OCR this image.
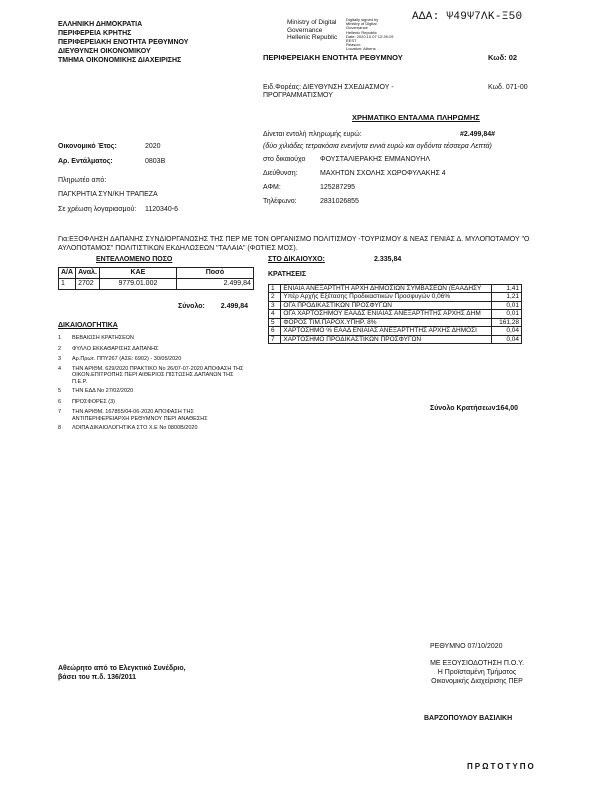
ΑΔΑ: Ψ49Ψ7ΛΚ-Ξ50
ΕΛΛΗΝΙΚΗ ΔΗΜΟΚΡΑΤΙΑ
ΠΕΡΙΦΕΡΕΙΑ ΚΡΗΤΗΣ
ΠΕΡΙΦΕΡΕΙΑΚΗ ΕΝΟΤΗΤΑ ΡΕΘΥΜΝΟΥ
ΔΙΕΥΘΥΝΣΗ ΟΙΚΟΝΟΜΙΚΟΥ
ΤΜΗΜΑ ΟΙΚΟΝΟΜΙΚΗΣ ΔΙΑΧΕΙΡΙΣΗΣ
Ministry of Digital
Governance
Hellenic Republic
Digitally signed by
Ministry of Digital
Governance
Hellenic Republic
Date: 2020.10.07 12:39:19
EEST
Reason:
Location: Athens
ΠΕΡΙΦΕΡΕΙΑΚΗ ΕΝΟΤΗΤΑ ΡΕΘΥΜΝΟΥ	Κωδ: 02
Ειδ.Φορέας: ΔΙΕΥΘΥΝΣΗ ΣΧΕΔΙΑΣΜΟΥ - ΠΡΟΓΡΑΜΜΑΤΙΣΜΟΥ
Κωδ. 071-00
ΧΡΗΜΑΤΙΚΟ ΕΝΤΑΛΜΑ ΠΛΗΡΩΜΗΣ
Δίνεται εντολή πληρωμής ευρώ:	#2.499,84#
(δύο χιλιάδες τετρακόσια ενενήντα εννιά ευρώ και ογδόντα τέσσερα Λεπτά)
Οικονομικό Έτος:	2020
Αρ. Εντάλματος:	0803Β	στο δικαιούχο ΦΟΥΣΤΑΛΙΕΡΑΚΗΣ ΕΜΜΑΝΟΥΗΛ
Διεύθυνση:	ΜΑΧΗΤΩΝ ΣΧΟΛΗΣ ΧΩΡΟΦΥΛΑΚΗΣ 4
ΑΦΜ:	125287295
Τηλέφωνο:	2831026855
Πληρωτέο από:
ΠΑΓΚΡΗΤΙΑ ΣΥΝ/ΚΗ ΤΡΑΠΕΖΑ
Σε χρέωση λογαριασμού: 1120340-6
Για:ΕΞΟΦΛΗΣΗ ΔΑΠΑΝΗΣ ΣΥΝΔΙΟΡΓΑΝΩΣΗΣ ΤΗΣ ΠΕΡ ΜΕ ΤΟΝ ΟΡΓΑΝΙΣΜΟ ΠΟΛΙΤΙΣΜΟΥ -ΤΟΥΡΙΣΜΟΥ & ΝΕΑΣ ΓΕΝΙΑΣ Δ. ΜΥΛΟΠΟΤΑΜΟΥ "Ο ΑΥΛΟΠΟΤΑΜΟΣ" ΠΟΛΙΤΙΣΤΙΚΩΝ ΕΚΔΗΛΩΣΕΩΝ "ΤΑΛΑΙΑ" (ΦΩΤΙΕΣ ΜΟΣ).
ΕΝΤΕΛΛΟΜΕΝΟ ΠΟΣΟ
Α/Α	Αναλ.	ΚΑΕ	Ποσό
1	2702	9779.01.002	2.499,84
Σύνολο:	2.499,84
ΔΙΚΑΙΟΛΟΓΗΤΙΚΑ
1	ΒΕΒΑΙΩΣΗ ΚΡΑΤΗΣΕΩΝ
2	ΦΥΛΛΟ ΕΚΚΑΘΑΡΙΣΗΣ ΔΑΠΑΝΗΣ
3	Αρ.Πρωτ. ΠΠΥ267 (ΑΣΕ: 6902) - 30/05/2020
4	ΤΗΝ ΑΡΙΘΜ. 629/2020 ΠΡΑΚΤΙΚΟ Νο 26/07-07-2020 ΑΠΟΦΑΣΗ ΤΗΣ ΟΙΚΟΝ.ΕΠΙΤΡΟΠΗΣ ΠΕΡΙ ΑΙΘΕΡΙΟΣ ΠΙΣΤΩΣΗΣ ΔΑΠΑΝΩΝ ΤΗΣ Π.Ε.Ρ.
5	ΤΗΝ ΕΔΔ Νο 27/02/2020
6	ΠΡΟΣΦΟΡΕΣ (3)
7	ΤΗΝ ΑΡΙΘΜ. 167855/04-06-2020 ΑΠΟΦΑΣΗ ΤΗΣ ΑΝΤΙΠΕΡΙΦΕΡΕΙΑΡΧΗ ΡΕΘΥΜΝΟΥ ΠΕΡΙ ΑΝΑΘΕΣΗΣ
8	ΛΟΙΠΑ ΔΙΚΑΙΟΛΟΓΗΤΙΚΑ ΣΤΟ Χ.Ε Νο 0800Β/2020
ΣΤΟ ΔΙΚΑΙΟΥΧΟ:	2.335,84
ΚΡΑΤΗΣΕΙΣ
1	ΕΝΙΑΙΑ ΑΝΕΞΑΡΤΗΤΗ ΑΡΧΗ ΔΗΜΟΣΙΩΝ ΣΥΜΒΑΣΕΩΝ (ΕΑΑΔΗΣΥ	1,41
2	Υπέρ Αρχής Εξέτασης Προδικαστικών Προσφυγών 0,06%	1,21
3	ΟΓΑ ΠΡΟΔΙΚΑΣΤΙΚΩΝ ΠΡΟΣΦΥΓΩΝ	0,01
4	ΟΓΑ ΧΑΡΤΟΣΗΜΟΥ ΕΑΑΔΣ ΕΝΙΑΙΑΣ ΑΝΕΞΑΡΤΗΤΗΣ ΑΡΧΗΣ ΔΗΜ	0,01
5	ΦΟΡΟΣ ΤΙΜ.ΠΑΡΟΧ.ΥΠΗΡ. 8%	161,28
6	ΧΑΡΤΟΣΗΜΟ % ΕΑΑΔ ΕΝΙΑΙΑΣ ΑΝΕΞΑΡΤΗΤΗΣ ΑΡΧΗΣ ΔΗΜΟΣΙ	0,04
7	ΧΑΡΤΟΣΗΜΟ ΠΡΟΔΙΚΑΣΤΙΚΩΝ ΠΡΟΣΦΥΓΩΝ	0,04
Σύνολο Κρατήσεων:
164,00
ΡΕΘΥΜΝΟ 07/10/2020
ΜΕ ΕΞΟΥΣΙΟΔΟΤΗΣΗ Π.Ο.Υ.
Η Προϊσταμένη Τμήματος
Οικονομικής Διαχείρισης ΠΕΡ
ΒΑΡΖΟΠΟΥΛΟΥ ΒΑΣΙΛΙΚΗ
Αθεώρητο από το Ελεγκτικό Συνέδριο,
βάσει του π.δ. 136/2011
ΠΡΩΤΟΤΥΠΟ
